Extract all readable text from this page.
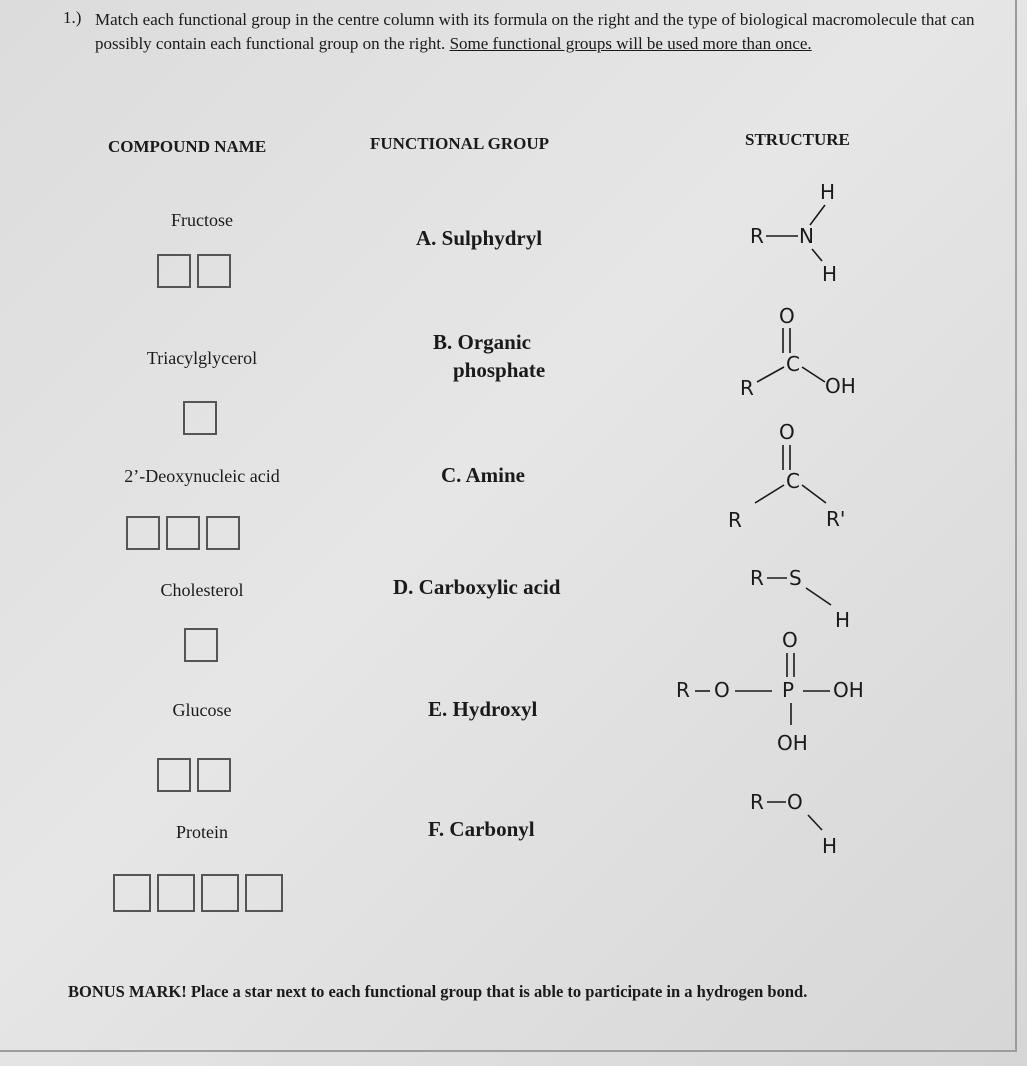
1.) Match each functional group in the centre column with its formula on the right and the type of biological macromolecule that can possibly contain each functional group on the right. Some functional groups will be used more than once.
COMPOUND NAME	FUNCTIONAL GROUP	STRUCTURE
Fructose
Triacylglycerol
2’-Deoxynucleic acid
Cholesterol
Glucose
Protein
A. Sulphydryl
B. Organic
phosphate
C. Amine
D. Carboxylic acid
E. Hydroxyl
F. Carbonyl
H
R N
H
O
C
R	OH
O
C
R	R'
R S
H
O
R O	P OH
OH
R O
H
BONUS MARK! Place a star next to each functional group that is able to participate in a hydrogen bond.
